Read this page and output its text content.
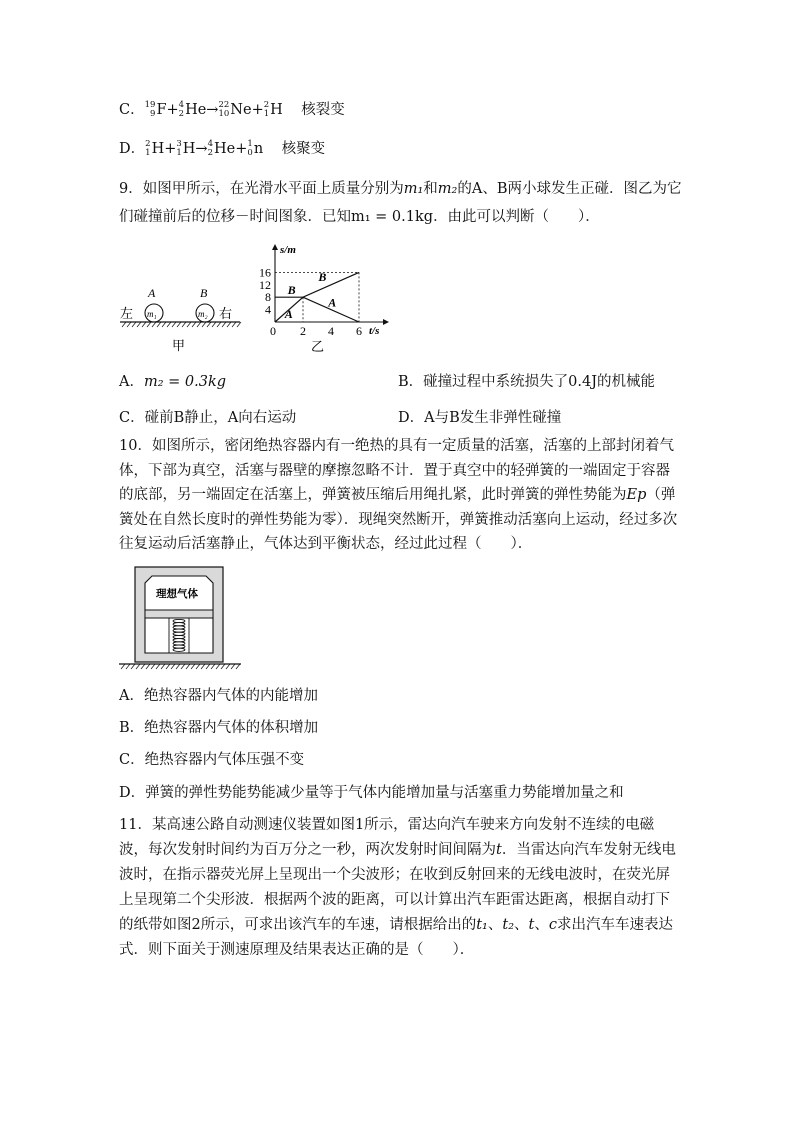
C． 19
9 F+ 4
2 He→ 22
10 Ne+ 2
1 H    核裂变
D． 2
1 H+ 3
1 H→ 4
2 He+ 1
0 n    核聚变
9．如图甲所示，在光滑水平面上质量分别为m₁和m₂的A、B两小球发生正碰．图乙为它
们碰撞前后的位移－时间图象．已知m₁ = 0.1kg．由此可以判断（　　）．
A	B
左	右
m₁	m₂
甲
s/m
t/s
16
12
8
4
0 2 4 6
乙
A
A
B
B
A．m₂ = 0.3kg	B．碰撞过程中系统损失了0.4J的机械能
C．碰前B静止，A向右运动	D．A与B发生非弹性碰撞
10．如图所示，密闭绝热容器内有一绝热的具有一定质量的活塞，活塞的上部封闭着气体，下部为真空，活塞与器壁的摩擦忽略不计．置于真空中的轻弹簧的一端固定于容器的底部，另一端固定在活塞上，弹簧被压缩后用绳扎紧，此时弹簧的弹性势能为Ep（弹簧处在自然长度时的弹性势能为零）．现绳突然断开，弹簧推动活塞向上运动，经过多次往复运动后活塞静止，气体达到平衡状态，经过此过程（　　）．
理想气体
A．绝热容器内气体的内能增加
B．绝热容器内气体的体积增加
C．绝热容器内气体压强不变
D．弹簧的弹性势能势能减少量等于气体内能增加量与活塞重力势能增加量之和
11．某高速公路自动测速仪装置如图1所示，雷达向汽车驶来方向发射不连续的电磁波，每次发射时间约为百万分之一秒，两次发射时间间隔为t．当雷达向汽车发射无线电波时，在指示器荧光屏上呈现出一个尖波形；在收到反射回来的无线电波时，在荧光屏上呈现第二个尖形波．根据两个波的距离，可以计算出汽车距雷达距离，根据自动打下的纸带如图2所示，可求出该汽车的车速，请根据给出的t₁、t₂、t、c求出汽车车速表达式．则下面关于测速原理及结果表达正确的是（　　）．
